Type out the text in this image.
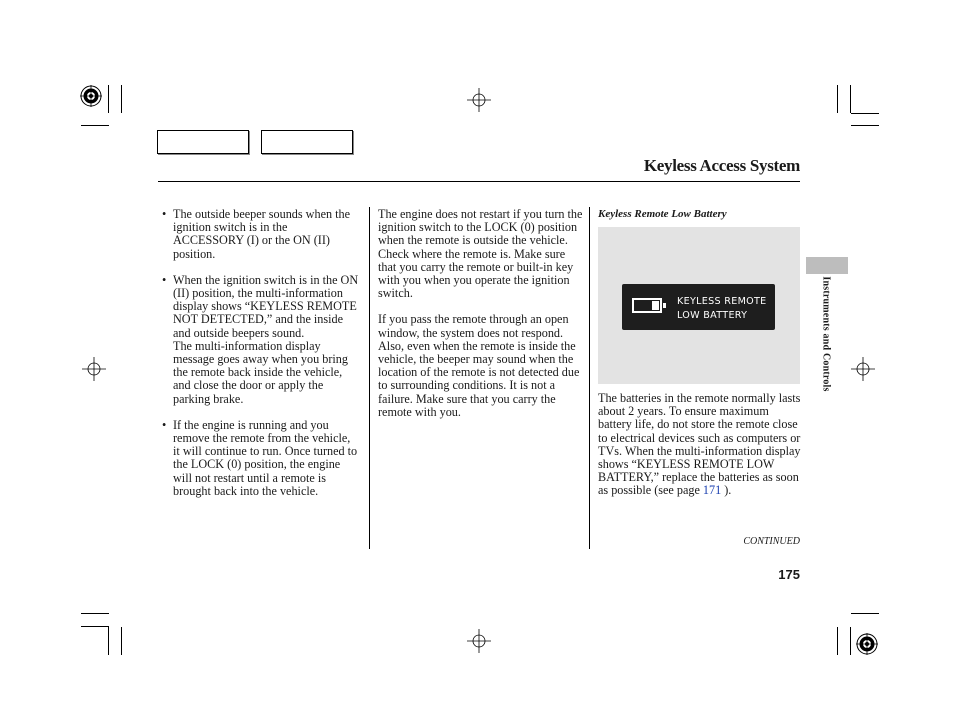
Keyless Access System

• The outside beeper sounds when the ignition switch is in the ACCESSORY (I) or the ON (II) position.

• When the ignition switch is in the ON (II) position, the multi-information display shows “KEYLESS REMOTE NOT DETECTED,” and the inside and outside beepers sound.

The multi-information display message goes away when you bring the remote back inside the vehicle, and close the door or apply the parking brake.

• If the engine is running and you remove the remote from the vehicle, it will continue to run. Once turned to the LOCK (0) position, the engine will not restart until a remote is brought back into the vehicle.

The engine does not restart if you turn the ignition switch to the LOCK (0) position when the remote is outside the vehicle. Check where the remote is. Make sure that you carry the remote or built-in key with you when you operate the ignition switch.

If you pass the remote through an open window, the system does not respond. Also, even when the remote is inside the vehicle, the beeper may sound when the location of the remote is not detected due to surrounding conditions. It is not a failure. Make sure that you carry the remote with you.

Keyless Remote Low Battery
KEYLESS REMOTE
LOW BATTERY

The batteries in the remote normally lasts about 2 years. To ensure maximum battery life, do not store the remote close to electrical devices such as computers or TVs. When the multi-information display shows “KEYLESS REMOTE LOW BATTERY,” replace the batteries as soon as possible (see page 171 ).

Instruments and Controls
CONTINUED
175
